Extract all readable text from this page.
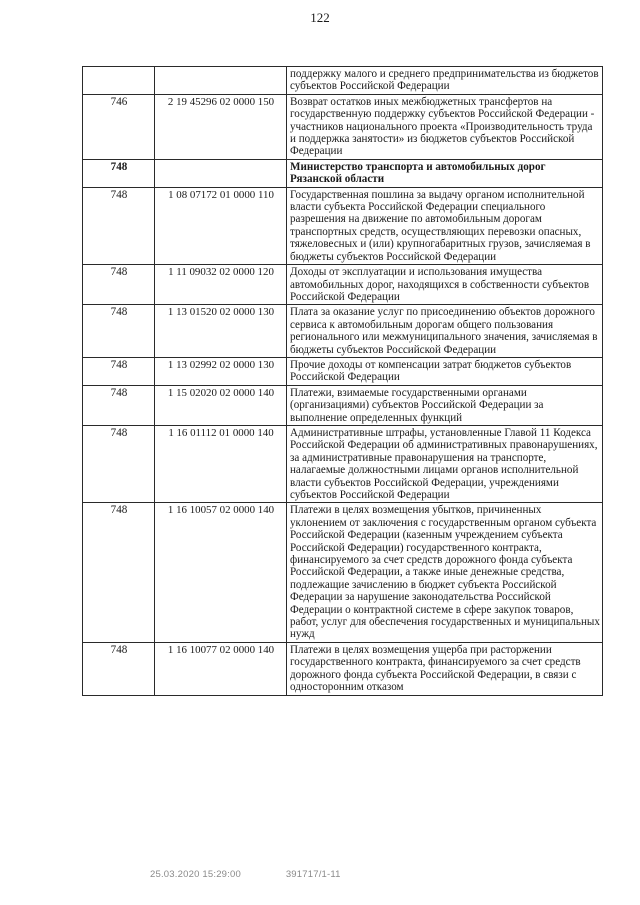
122
		поддержку малого и среднего предпринимательства из бюджетов субъектов Российской Федерации
746	2 19 45296 02 0000 150	Возврат остатков иных межбюджетных трансфертов на государственную поддержку субъектов Российской Федерации - участников национального проекта «Производительность труда и поддержка занятости» из бюджетов субъектов Российской Федерации
748		Министерство транспорта и автомобильных дорог Рязанской области
748	1 08 07172 01 0000 110	Государственная пошлина за выдачу органом исполнительной власти субъекта Российской Федерации специального разрешения на движение по автомобильным дорогам транспортных средств, осуществляющих перевозки опасных, тяжеловесных и (или) крупногабаритных грузов, зачисляемая в бюджеты субъектов Российской Федерации
748	1 11 09032 02 0000 120	Доходы от эксплуатации и использования имущества автомобильных дорог, находящихся в собственности субъектов Российской Федерации
748	1 13 01520 02 0000 130	Плата за оказание услуг по присоединению объектов дорожного сервиса к автомобильным дорогам общего пользования регионального или межмуниципального значения, зачисляемая в бюджеты субъектов Российской Федерации
748	1 13 02992 02 0000 130	Прочие доходы от компенсации затрат бюджетов субъектов Российской Федерации
748	1 15 02020 02 0000 140	Платежи, взимаемые государственными органами (организациями) субъектов Российской Федерации за выполнение определенных функций
748	1 16 01112 01 0000 140	Административные штрафы, установленные Главой 11 Кодекса Российской Федерации об административных правонарушениях, за административные правонарушения на транспорте, налагаемые должностными лицами органов исполнительной власти субъектов Российской Федерации, учреждениями субъектов Российской Федерации
748	1 16 10057 02 0000 140	Платежи в целях возмещения убытков, причиненных уклонением от заключения с государственным органом субъекта Российской Федерации (казенным учреждением субъекта Российской Федерации) государственного контракта, финансируемого за счет средств дорожного фонда субъекта Российской Федерации, а также иные денежные средства, подлежащие зачислению в бюджет субъекта Российской Федерации за нарушение законодательства Российской Федерации о контрактной системе в сфере закупок товаров, работ, услуг для обеспечения государственных и муниципальных нужд
748	1 16 10077 02 0000 140	Платежи в целях возмещения ущерба при расторжении государственного контракта, финансируемого за счет средств дорожного фонда субъекта Российской Федерации, в связи с односторонним отказом
25.03.2020 15:29:00	391717/1-11
